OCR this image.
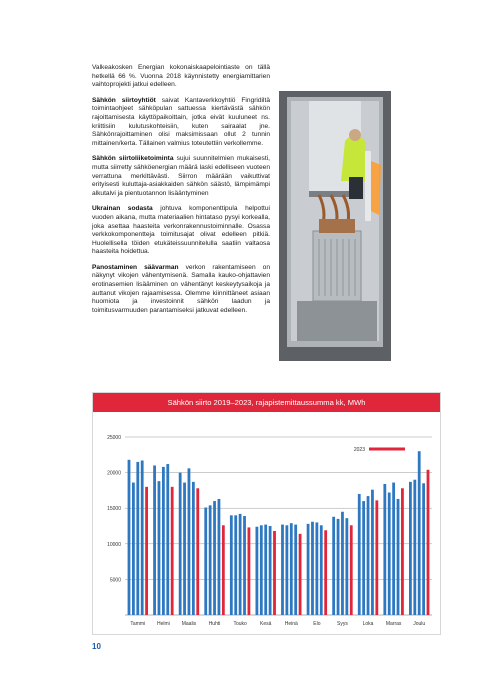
Valkeakosken Energian kokonaiskaapelointiaste on tällä hetkellä 66 %. Vuonna 2018 käynnistetty energiamittarien vaihtoprojekti jatkui edelleen.

Sähkön siirtoyhtiöt saivat Kantaverkkoyhtiö Fingridiltä toimintaohjeet sähköpulan sattuessa kiertävästä sähkön rajoittamisesta käyttöpaikoittain, jotka eivät kuuluneet ns. kriittisiin kulutuskohteisiin, kuten sairaalat jne. Sähkönrajoittaminen olisi maksimissaan ollut 2 tunnin mittainen/kerta. Tällainen valmius toteutettiin verkollemme.

Sähkön siirtoliiketoiminta sujui suunnitelmien mukaisesti, mutta siirretty sähköenergian määrä laski edelliseen vuoteen verrattuna merkittävästi. Siirron määrään vaikuttivat erityisesti kuluttaja-asiakkaiden sähkön säästö, lämpimämpi alkutalvi ja pientuotannon lisääntyminen

Ukrainan sodasta johtuva komponenttipula helpottui vuoden aikana, mutta materiaalien hintataso pysyi korkealla, joka asettaa haasteita verkonrakennustoiminnalle. Osassa verkkokomponentteja toimitusajat olivat edelleen pitkiä. Huolellisella töiden etukäteissuunnitelulla saatiin valtaosa haasteita hoidettua.

Panostaminen säävarman verkon rakentamiseen on näkynyt vikojen vähentymisenä. Samalla kauko-ohjattavien erotinasemien lisääminen on vähentänyt keskeytysaikoja ja auttanut vikojen rajaamisessa. Olemme kiinnittäneet asiaan huomiota ja investoinnit sähkön laadun ja toimitusvarmuuden parantamiseksi jatkuvat edelleen.

Sähkön siirto 2019–2023, rajapistemittaussumma kk, MWh
5000
10000
15000
20000
25000
Tammi Helmi Maalis	Huhti	Touko	Kesä	Heinä	Elo	Syys	Loka Marras Joulu
2023
10
